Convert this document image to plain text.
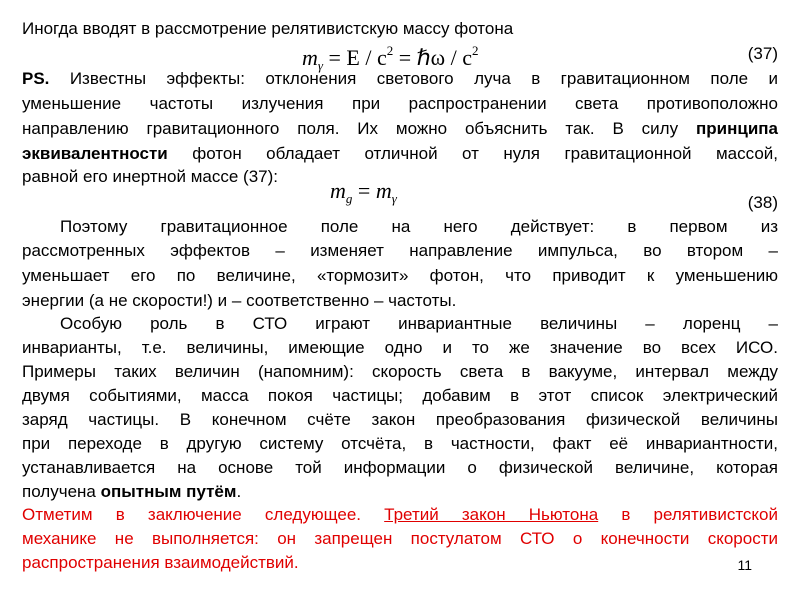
Иногда вводят в рассмотрение релятивистскую массу фотона
$m_\gamma = E / c^2$ = ℏω / $c^2$	(37)
PS. Известны эффекты: отклонения светового луча в гравитационном поле и
уменьшение частоты излучения при распространении света противоположно
направлению гравитационного поля. Их можно объяснить так. В силу принципа
эквивалентности фотон обладает отличной от нуля гравитационной массой,
равной его инертной массе (37):
$m_g = m_\gamma$	(38)
Поэтому гравитационное поле на него действует: в первом из
рассмотренных эффектов – изменяет направление импульса, во втором –
уменьшает его по величине, «тормозит» фотон, что приводит к уменьшению
энергии (а не скорости!) и – соответственно – частоты.
Особую роль в СТО играют инвариантные величины – лоренц –
инварианты, т.е. величины, имеющие одно и то же значение во всех ИСО.
Примеры таких величин (напомним): скорость света в вакууме, интервал между
двумя событиями, масса покоя частицы; добавим в этот список электрический
заряд частицы. В конечном счёте закон преобразования физической величины
при переходе в другую систему отсчёта, в частности, факт её инвариантности,
устанавливается на основе той информации о физической величине, которая
получена опытным путём.
Отметим в заключение следующее. Третий закон Ньютона в релятивистской
механике не выполняется: он запрещен постулатом СТО о конечности скорости
распространения взаимодействий.	11
